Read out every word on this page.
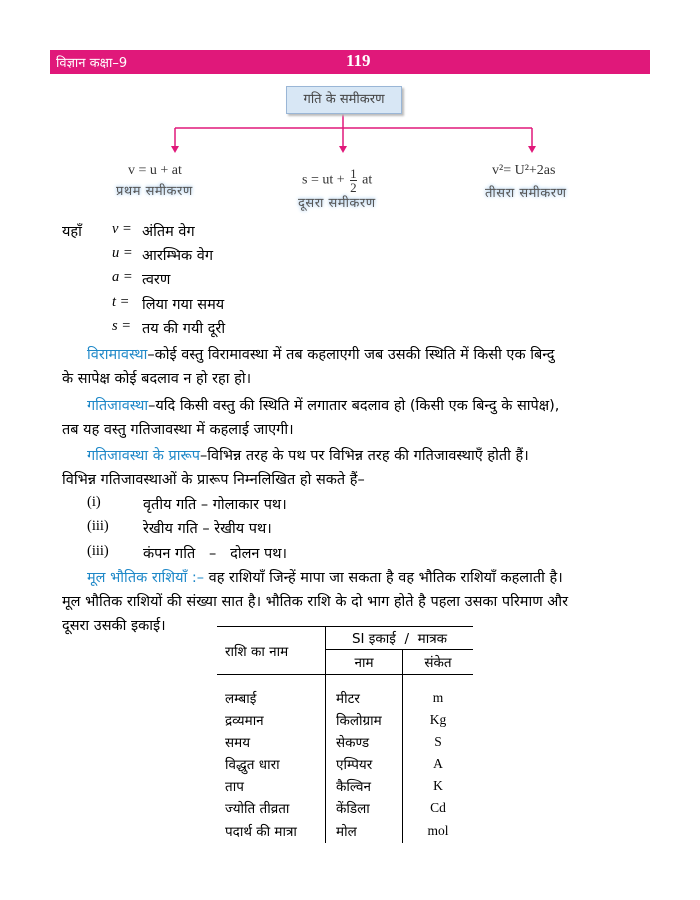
विज्ञान कक्षा–9	119
गति के समीकरण
v = u + at
प्रथम समीकरण
s = ut + $\frac{1}{2}$ at
दूसरा समीकरण
v²= U²+2as
तीसरा समीकरण
यहाँ v = अंतिम वेग
u = आरम्भिक वेग
a = त्वरण
t = लिया गया समय
s = तय की गयी दूरी
विरामावस्था–कोई वस्तु विरामावस्था में तब कहलाएगी जब उसकी स्थिति में किसी एक बिन्दु
के सापेक्ष कोई बदलाव न हो रहा हो।
गतिजावस्था–यदि किसी वस्तु की स्थिति में लगातार बदलाव हो (किसी एक बिन्दु के सापेक्ष),
तब यह वस्तु गतिजावस्था में कहलाई जाएगी।
गतिजावस्था के प्रारूप–विभिन्न तरह के पथ पर विभिन्न तरह की गतिजावस्थाएँ होती हैं।
विभिन्न गतिजावस्थाओं के प्रारूप निम्नलिखित हो सकते हैं–
(i)	वृतीय गति – गोलाकार पथ।
(iii) रेखीय गति – रेखीय पथ।
(iii) कंपन गति   –   दोलन पथ।
मूल भौतिक राशियाँ :– वह राशियाँ जिन्हें मापा जा सकता है वह भौतिक राशियाँ कहलाती है।
मूल भौतिक राशियों की संख्या सात है। भौतिक राशि के दो भाग होते है पहला उसका परिमाण और
दूसरा उसकी इकाई।
राशि का नाम	SI इकाई  /  मात्रक	
	नाम	संकेत

लम्बाई	मीटर	m
द्रव्यमान	किलोग्राम	Kg
समय	सेकण्ड	S
विद्धुत धारा	एम्पियर	A
ताप	कैल्विन	K
ज्योति तीव्रता	केंडिला	Cd
पदार्थ की मात्रा	मोल	mol
